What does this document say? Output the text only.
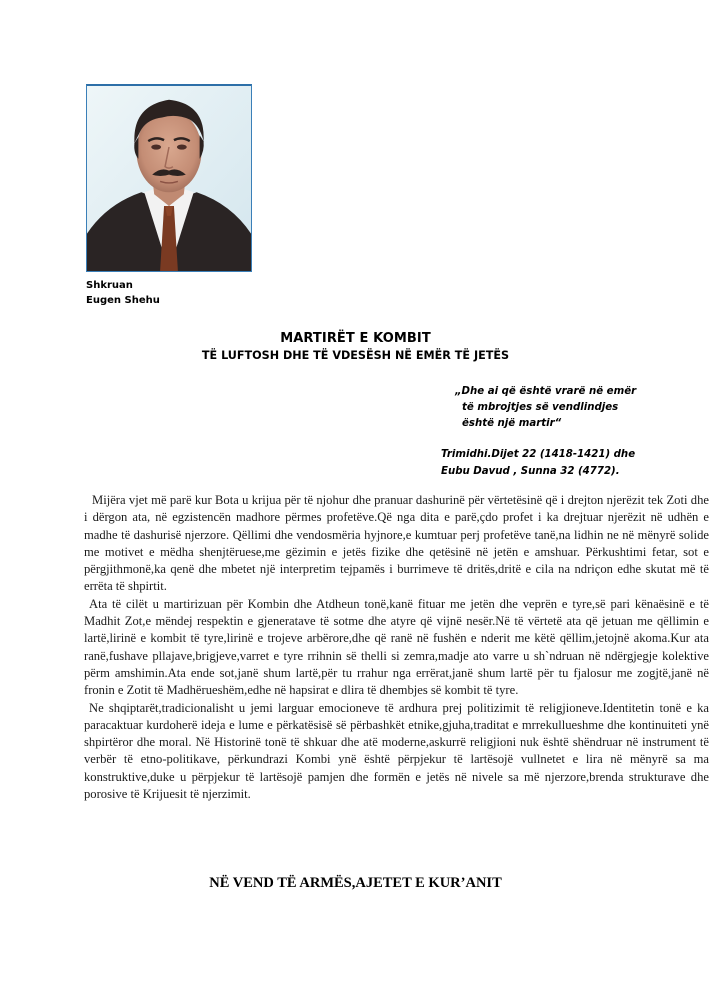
Shkruan
Eugen Shehu
MARTIRËT E KOMBIT
TË LUFTOSH DHE TË VDESËSH NË EMËR TË JETËS
„Dhe ai që është vrarë në emër
të mbrojtjes së vendlindjes
është një martir“
Trimidhi.Dijet 22 (1418-1421) dhe
Eubu Davud , Sunna 32 (4772).

Mijëra vjet më parë kur Bota u krijua për të njohur dhe pranuar dashurinë për vërtetësinë që i drejton njerëzit tek Zoti dhe i dërgon ata, në egzistencën madhore përmes profetëve.Që nga dita e parë,çdo profet i ka drejtuar njerëzit në udhën e madhe të dashurisë njerzore. Qëllimi dhe vendosmëria hyjnore,e kumtuar perj profetëve tanë,na lidhin ne në mënyrë solide me motivet e mëdha shenjtëruese,me gëzimin e jetës fizike dhe qetësinë në jetën e amshuar. Përkushtimi fetar, sot e përgjithmonë,ka qenë dhe mbetet një interpretim tejpamës i burrimeve të dritës,dritë e cila na ndriçon edhe skutat më të errëta të shpirtit.

Ata të cilët u martirizuan për Kombin dhe Atdheun tonë,kanë fituar me jetën dhe veprën e tyre,së pari kënaësinë e të Madhit Zot,e mëndej respektin e gjeneratave të sotme dhe atyre që vijnë nesër.Në të vërtetë ata që jetuan me qëllimin e lartë,lirinë e kombit të tyre,lirinë e trojeve arbërore,dhe që ranë në fushën e nderit me këtë qëllim,jetojnë akoma.Kur ata ranë,fushave pllajave,brigjeve,varret e tyre rrihnin së thelli si zemra,madje ato varre u sh`ndruan në ndërgjegje kolektive përm amshimin.Ata ende sot,janë shum lartë,për tu rrahur nga errërat,janë shum lartë për tu fjalosur me zogjtë,janë në fronin e Zotit të Madhërueshëm,edhe në hapsirat e dlira të dhembjes së kombit të tyre.

Ne shqiptarët,tradicionalisht u jemi larguar emocioneve të ardhura prej politizimit të religjioneve.Identitetin tonë e ka paracaktuar kurdoherë ideja e lume e përkatësisë së përbashkët etnike,gjuha,traditat e mrrekullueshme dhe kontinuiteti ynë shpirtëror dhe moral. Në Historinë tonë të shkuar dhe atë moderne,askurrë religjioni nuk është shëndruar në instrument të verbër të etno-politikave, përkundrazi Kombi ynë është përpjekur të lartësojë vullnetet e lira në mënyrë sa ma konstruktive,duke u përpjekur të lartësojë pamjen dhe formën e jetës në nivele sa më njerzore,brenda strukturave dhe porosive të Krijuesit të njerzimit.

NË VEND TË ARMËS,AJETET E KUR’ANIT
